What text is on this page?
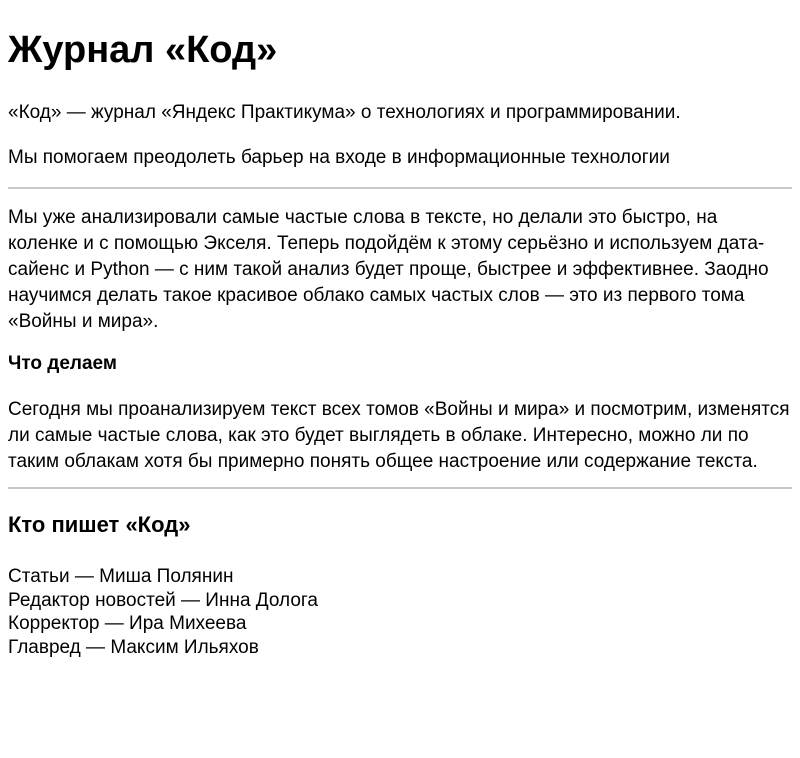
Журнал «Код»

«Код» — журнал «Яндекс Практикума» о технологиях и программировании.

Мы помогаем преодолеть барьер на входе в информационные технологии

Мы уже анализировали самые частые слова в тексте, но делали это быстро, на коленке и с помощью Экселя. Теперь подойдём к этому серьёзно и используем дата-сайенс и Python — с ним такой анализ будет проще, быстрее и эффективнее. Заодно научимся делать такое красивое облако самых частых слов — это из первого тома «Войны и мира».

Что делаем

Сегодня мы проанализируем текст всех томов «Войны и мира» и посмотрим, изменятся ли самые частые слова, как это будет выглядеть в облаке. Интересно, можно ли по таким облакам хотя бы примерно понять общее настроение или содержание текста.

Кто пишет «Код»
Статьи — Миша Полянин
Редактор новостей — Инна Долога
Корректор — Ира Михеева
Главред — Максим Ильяхов
